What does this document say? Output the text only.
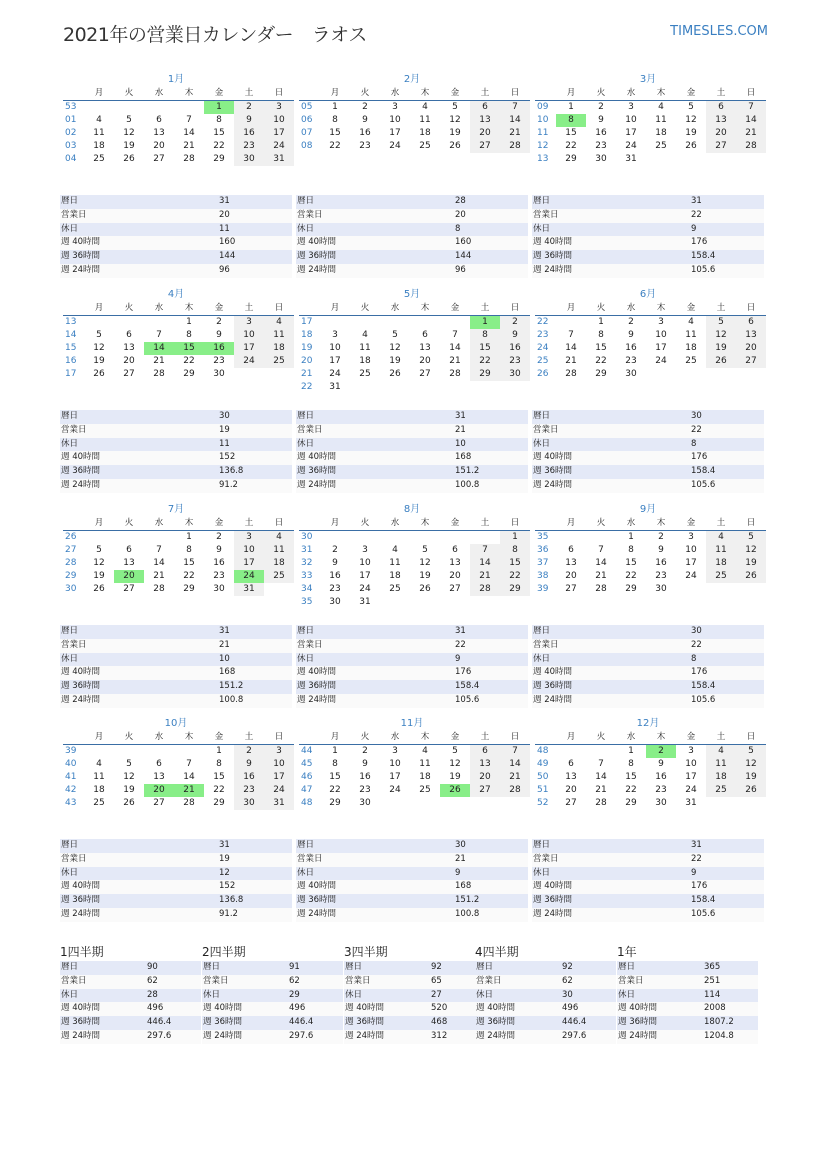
2021年の営業日カレンダー　ラオス	TIMESLES.COM
1月
	月	火	水	木	金	土	日
53					1	2	3
01	4	5	6	7	8	9	10
02	11	12	13	14	15	16	17
03	18	19	20	21	22	23	24
04	25	26	27	28	29	30	31
暦日	31
営業日	20
休日	11
週 40時間	160
週 36時間	144
週 24時間	96
2月
	月	火	水	木	金	土	日
05	1	2	3	4	5	6	7
06	8	9	10	11	12	13	14
07	15	16	17	18	19	20	21
08	22	23	24	25	26	27	28
暦日	28
営業日	20
休日	8
週 40時間	160
週 36時間	144
週 24時間	96
3月
	月	火	水	木	金	土	日
09	1	2	3	4	5	6	7
10	8	9	10	11	12	13	14
11	15	16	17	18	19	20	21
12	22	23	24	25	26	27	28
13	29	30	31				
暦日	31
営業日	22
休日	9
週 40時間	176
週 36時間	158.4
週 24時間	105.6
4月
	月	火	水	木	金	土	日
13				1	2	3	4
14	5	6	7	8	9	10	11
15	12	13	14	15	16	17	18
16	19	20	21	22	23	24	25
17	26	27	28	29	30		
暦日	30
営業日	19
休日	11
週 40時間	152
週 36時間	136.8
週 24時間	91.2
5月
	月	火	水	木	金	土	日
17						1	2
18	3	4	5	6	7	8	9
19	10	11	12	13	14	15	16
20	17	18	19	20	21	22	23
21	24	25	26	27	28	29	30
22	31						
暦日	31
営業日	21
休日	10
週 40時間	168
週 36時間	151.2
週 24時間	100.8
6月
	月	火	水	木	金	土	日
22		1	2	3	4	5	6
23	7	8	9	10	11	12	13
24	14	15	16	17	18	19	20
25	21	22	23	24	25	26	27
26	28	29	30				
暦日	30
営業日	22
休日	8
週 40時間	176
週 36時間	158.4
週 24時間	105.6
7月
	月	火	水	木	金	土	日
26				1	2	3	4
27	5	6	7	8	9	10	11
28	12	13	14	15	16	17	18
29	19	20	21	22	23	24	25
30	26	27	28	29	30	31	
暦日	31
営業日	21
休日	10
週 40時間	168
週 36時間	151.2
週 24時間	100.8
8月
	月	火	水	木	金	土	日
30							1
31	2	3	4	5	6	7	8
32	9	10	11	12	13	14	15
33	16	17	18	19	20	21	22
34	23	24	25	26	27	28	29
35	30	31					
暦日	31
営業日	22
休日	9
週 40時間	176
週 36時間	158.4
週 24時間	105.6
9月
	月	火	水	木	金	土	日
35			1	2	3	4	5
36	6	7	8	9	10	11	12
37	13	14	15	16	17	18	19
38	20	21	22	23	24	25	26
39	27	28	29	30			
暦日	30
営業日	22
休日	8
週 40時間	176
週 36時間	158.4
週 24時間	105.6
10月
	月	火	水	木	金	土	日
39					1	2	3
40	4	5	6	7	8	9	10
41	11	12	13	14	15	16	17
42	18	19	20	21	22	23	24
43	25	26	27	28	29	30	31
暦日	31
営業日	19
休日	12
週 40時間	152
週 36時間	136.8
週 24時間	91.2
11月
	月	火	水	木	金	土	日
44	1	2	3	4	5	6	7
45	8	9	10	11	12	13	14
46	15	16	17	18	19	20	21
47	22	23	24	25	26	27	28
48	29	30					
暦日	30
営業日	21
休日	9
週 40時間	168
週 36時間	151.2
週 24時間	100.8
12月
	月	火	水	木	金	土	日
48			1	2	3	4	5
49	6	7	8	9	10	11	12
50	13	14	15	16	17	18	19
51	20	21	22	23	24	25	26
52	27	28	29	30	31		
暦日	31
営業日	22
休日	9
週 40時間	176
週 36時間	158.4
週 24時間	105.6
1四半期
暦日	90
営業日	62
休日	28
週 40時間	496
週 36時間	446.4
週 24時間	297.6
2四半期
暦日	91
営業日	62
休日	29
週 40時間	496
週 36時間	446.4
週 24時間	297.6
3四半期
暦日	92
営業日	65
休日	27
週 40時間	520
週 36時間	468
週 24時間	312
4四半期
暦日	92
営業日	62
休日	30
週 40時間	496
週 36時間	446.4
週 24時間	297.6
1年
暦日	365
営業日	251
休日	114
週 40時間	2008
週 36時間	1807.2
週 24時間	1204.8
